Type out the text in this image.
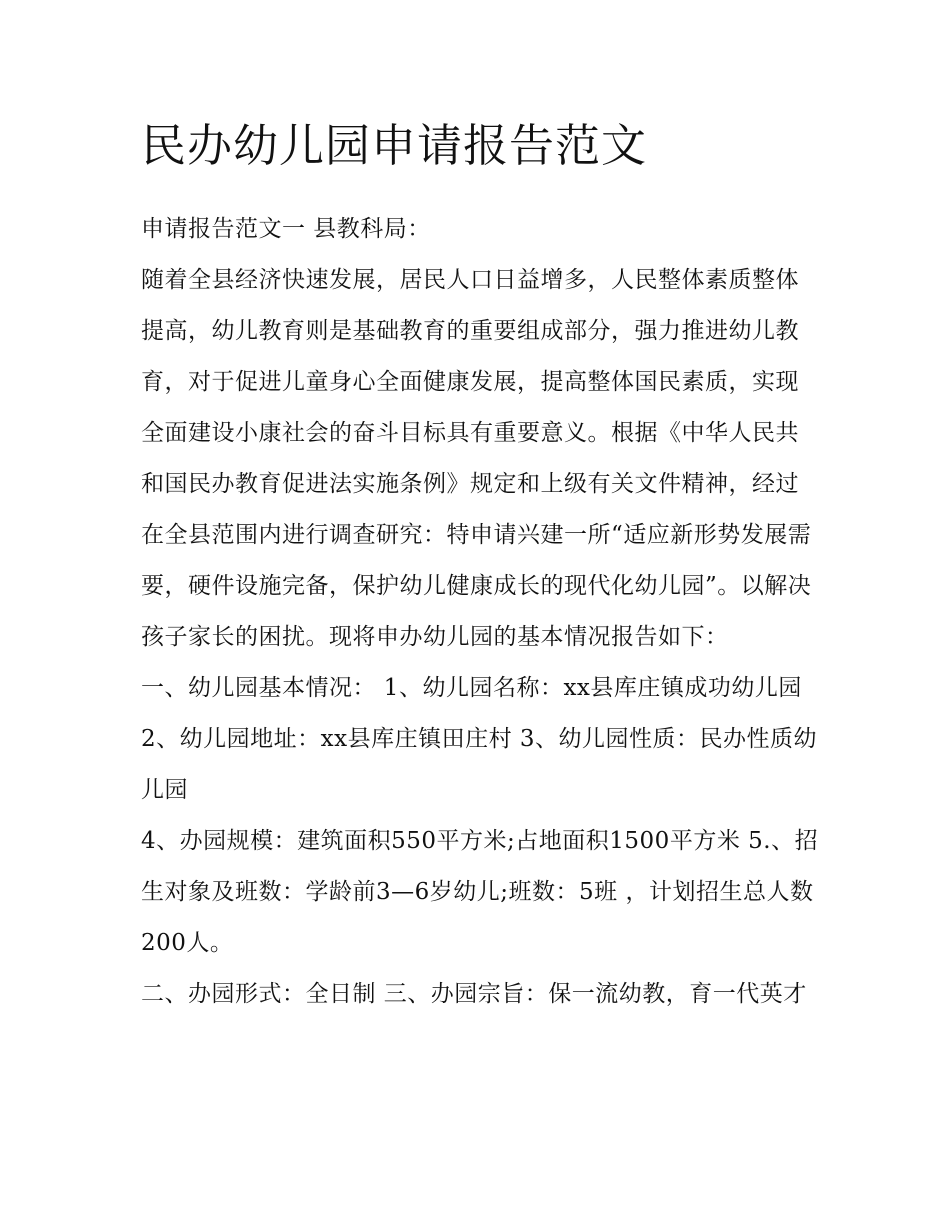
民办幼儿园申请报告范文

申请报告范文一 县教科局：

随着全县经济快速发展，居民人口日益增多，人民整体素质整体提高，幼儿教育则是基础教育的重要组成部分，强力推进幼儿教育，对于促进儿童身心全面健康发展，提高整体国民素质，实现全面建设小康社会的奋斗目标具有重要意义。根据《中华人民共和国民办教育促进法实施条例》规定和上级有关文件精神，经过在全县范围内进行调查研究：特申请兴建一所“适应新形势发展需要，硬件设施完备，保护幼儿健康成长的现代化幼儿园”。以解决孩子家长的困扰。现将申办幼儿园的基本情况报告如下：

一、幼儿园基本情况： 1、幼儿园名称：xx县库庄镇成功幼儿园 2、幼儿园地址：xx县库庄镇田庄村 3、幼儿园性质：民办性质幼儿园

4、办园规模：建筑面积550平方米;占地面积1500平方米 5.、招生对象及班数：学龄前3—6岁幼儿;班数：5班 ，计划招生总人数200人。

二、办园形式：全日制 三、办园宗旨：保一流幼教，育一代英才
